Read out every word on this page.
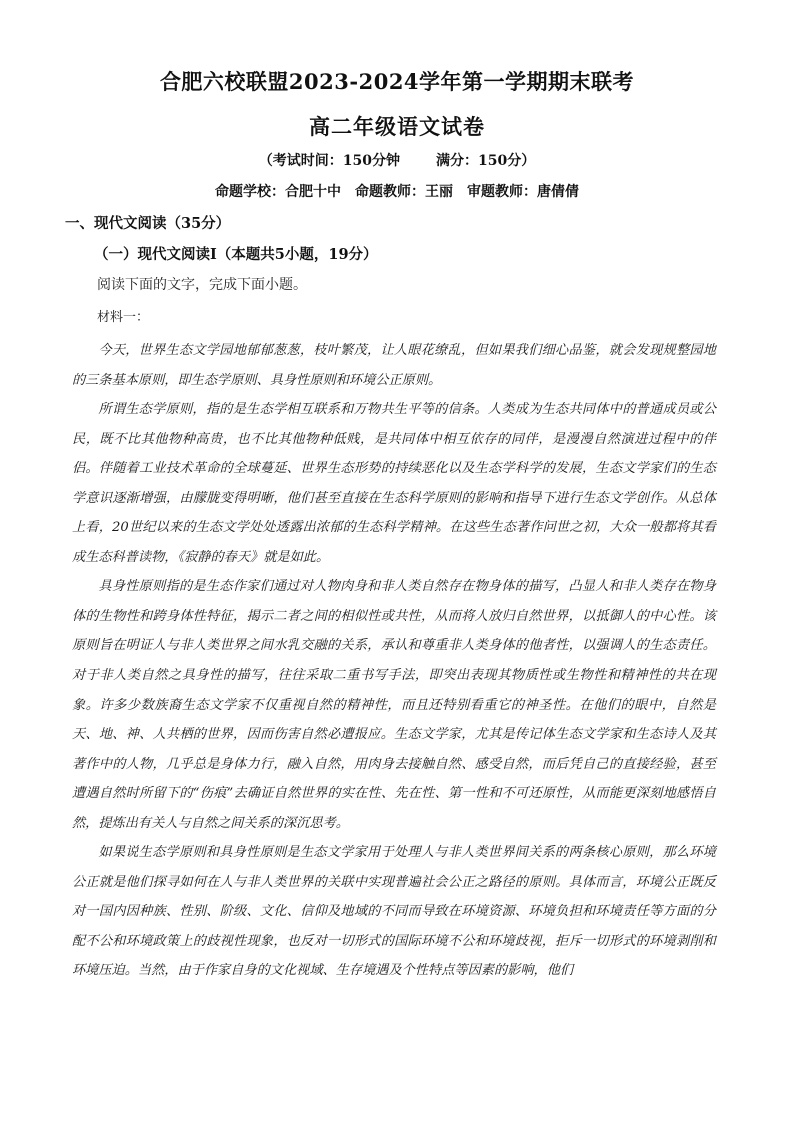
合肥六校联盟2023-2024学年第一学期期末联考
高二年级语文试卷
（考试时间：150分钟	满分：150分）
命题学校：合肥十中 命题教师：王丽 审题教师：唐倩倩
一、现代文阅读（35分）
（一）现代文阅读Ⅰ（本题共5小题，19分）
阅读下面的文字，完成下面小题。
材料一：

今天，世界生态文学园地郁郁葱葱，枝叶繁茂，让人眼花缭乱，但如果我们细心品鉴，就会发现规整园地的三条基本原则，即生态学原则、具身性原则和环境公正原则。

所谓生态学原则，指的是生态学相互联系和万物共生平等的信条。人类成为生态共同体中的普通成员或公民，既不比其他物种高贵，也不比其他物种低贱，是共同体中相互依存的同伴，是漫漫自然演进过程中的伴侣。伴随着工业技术革命的全球蔓延、世界生态形势的持续恶化以及生态学科学的发展，生态文学家们的生态学意识逐渐增强，由朦胧变得明晰，他们甚至直接在生态科学原则的影响和指导下进行生态文学创作。从总体上看，20世纪以来的生态文学处处透露出浓郁的生态科学精神。在这些生态著作问世之初，大众一般都将其看成生态科普读物，《寂静的春天》就是如此。

具身性原则指的是生态作家们通过对人物肉身和非人类自然存在物身体的描写，凸显人和非人类存在物身体的生物性和跨身体性特征，揭示二者之间的相似性或共性，从而将人放归自然世界，以抵御人的中心性。该原则旨在明证人与非人类世界之间水乳交融的关系，承认和尊重非人类身体的他者性，以强调人的生态责任。对于非人类自然之具身性的描写，往往采取二重书写手法，即突出表现其物质性或生物性和精神性的共在现象。许多少数族裔生态文学家不仅重视自然的精神性，而且还特别看重它的神圣性。在他们的眼中，自然是天、地、神、人共栖的世界，因而伤害自然必遭报应。生态文学家，尤其是传记体生态文学家和生态诗人及其著作中的人物，几乎总是身体力行，融入自然，用肉身去接触自然、感受自然，而后凭自己的直接经验，甚至遭遇自然时所留下的“伤痕”去确证自然世界的实在性、先在性、第一性和不可还原性，从而能更深刻地感悟自然，提炼出有关人与自然之间关系的深沉思考。

如果说生态学原则和具身性原则是生态文学家用于处理人与非人类世界间关系的两条核心原则，那么环境公正就是他们探寻如何在人与非人类世界的关联中实现普遍社会公正之路径的原则。具体而言，环境公正既反对一国内因种族、性别、阶级、文化、信仰及地域的不同而导致在环境资源、环境负担和环境责任等方面的分配不公和环境政策上的歧视性现象，也反对一切形式的国际环境不公和环境歧视，拒斥一切形式的环境剥削和环境压迫。当然，由于作家自身的文化视域、生存境遇及个性特点等因素的影响，他们
